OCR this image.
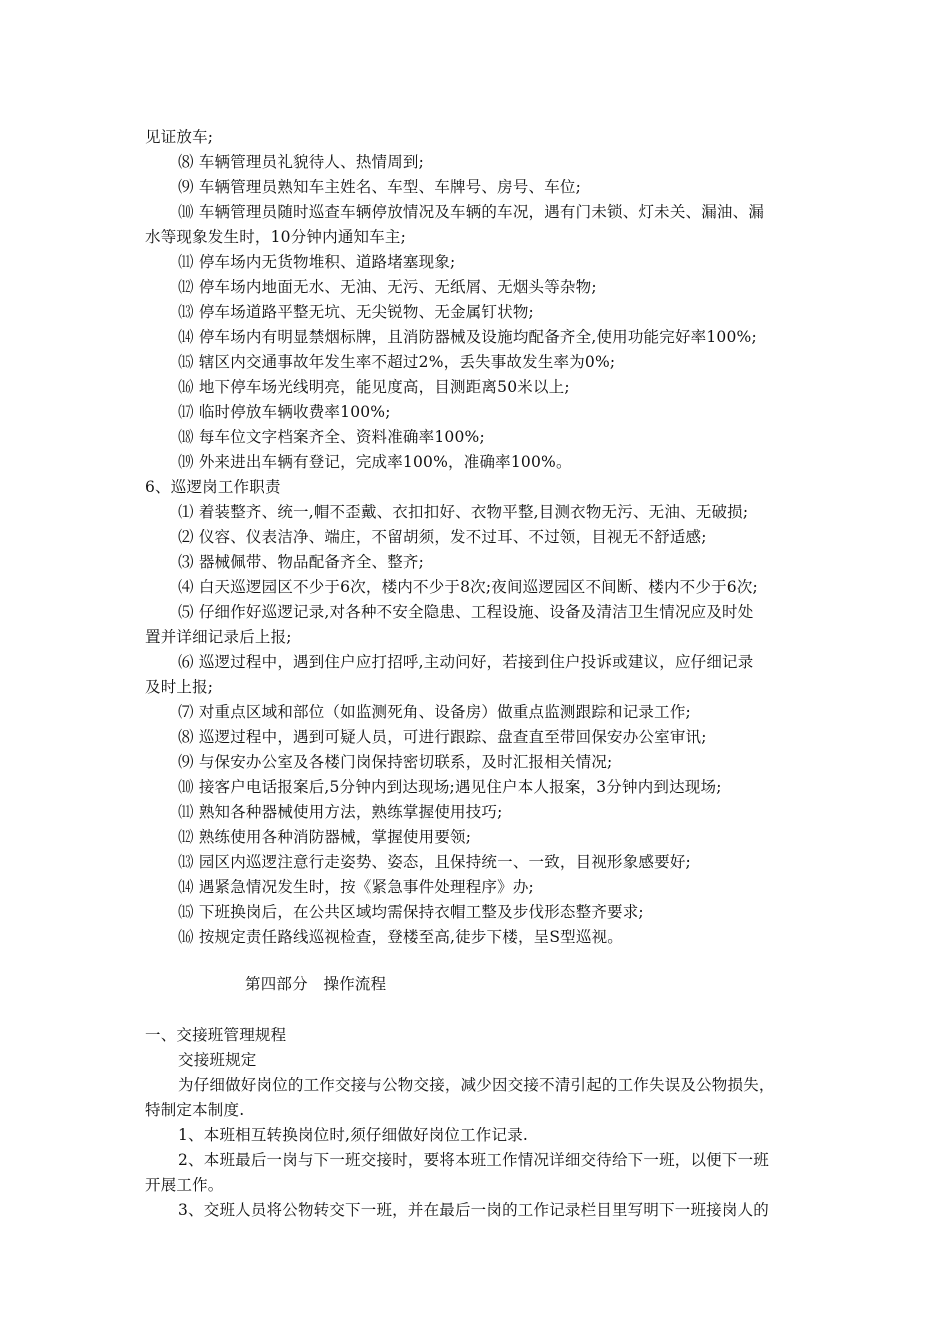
见证放车;
⑻ 车辆管理员礼貌待人、热情周到;
⑼ 车辆管理员熟知车主姓名、车型、车牌号、房号、车位;
⑽ 车辆管理员随时巡查车辆停放情况及车辆的车况，遇有门未锁、灯未关、漏油、漏
水等现象发生时，10分钟内通知车主;
⑾ 停车场内无货物堆积、道路堵塞现象;
⑿ 停车场内地面无水、无油、无污、无纸屑、无烟头等杂物;
⒀ 停车场道路平整无坑、无尖锐物、无金属钉状物;
⒁ 停车场内有明显禁烟标牌，且消防器械及设施均配备齐全,使用功能完好率100%;
⒂ 辖区内交通事故年发生率不超过2%，丢失事故发生率为0%;
⒃ 地下停车场光线明亮，能见度高，目测距离50米以上;
⒄ 临时停放车辆收费率100%;
⒅ 每车位文字档案齐全、资料准确率100%;
⒆ 外来进出车辆有登记，完成率100%，准确率100%。
6、巡逻岗工作职责
⑴ 着装整齐、统一,帽不歪戴、衣扣扣好、衣物平整,目测衣物无污、无油、无破损;
⑵ 仪容、仪表洁净、端庄，不留胡须，发不过耳、不过领，目视无不舒适感;
⑶ 器械佩带、物品配备齐全、整齐;
⑷ 白天巡逻园区不少于6次，楼内不少于8次;夜间巡逻园区不间断、楼内不少于6次;
⑸ 仔细作好巡逻记录,对各种不安全隐患、工程设施、设备及清洁卫生情况应及时处
置并详细记录后上报;
⑹ 巡逻过程中，遇到住户应打招呼,主动问好，若接到住户投诉或建议，应仔细记录
及时上报;
⑺ 对重点区域和部位（如监测死角、设备房）做重点监测跟踪和记录工作;
⑻ 巡逻过程中，遇到可疑人员，可进行跟踪、盘查直至带回保安办公室审讯;
⑼ 与保安办公室及各楼门岗保持密切联系，及时汇报相关情况;
⑽ 接客户电话报案后,5分钟内到达现场;遇见住户本人报案，3分钟内到达现场;
⑾ 熟知各种器械使用方法，熟练掌握使用技巧;
⑿ 熟练使用各种消防器械，掌握使用要领;
⒀ 园区内巡逻注意行走姿势、姿态，且保持统一、一致，目视形象感要好;
⒁ 遇紧急情况发生时，按《紧急事件处理程序》办;
⒂ 下班换岗后，在公共区域均需保持衣帽工整及步伐形态整齐要求;
⒃ 按规定责任路线巡视检查，登楼至高,徒步下楼，呈S型巡视。
第四部分　操作流程
一、交接班管理规程
交接班规定
为仔细做好岗位的工作交接与公物交接，减少因交接不清引起的工作失误及公物损失，
特制定本制度.
1、本班相互转换岗位时,须仔细做好岗位工作记录.
2、本班最后一岗与下一班交接时，要将本班工作情况详细交待给下一班，以便下一班
开展工作。
3、交班人员将公物转交下一班，并在最后一岗的工作记录栏目里写明下一班接岗人的
